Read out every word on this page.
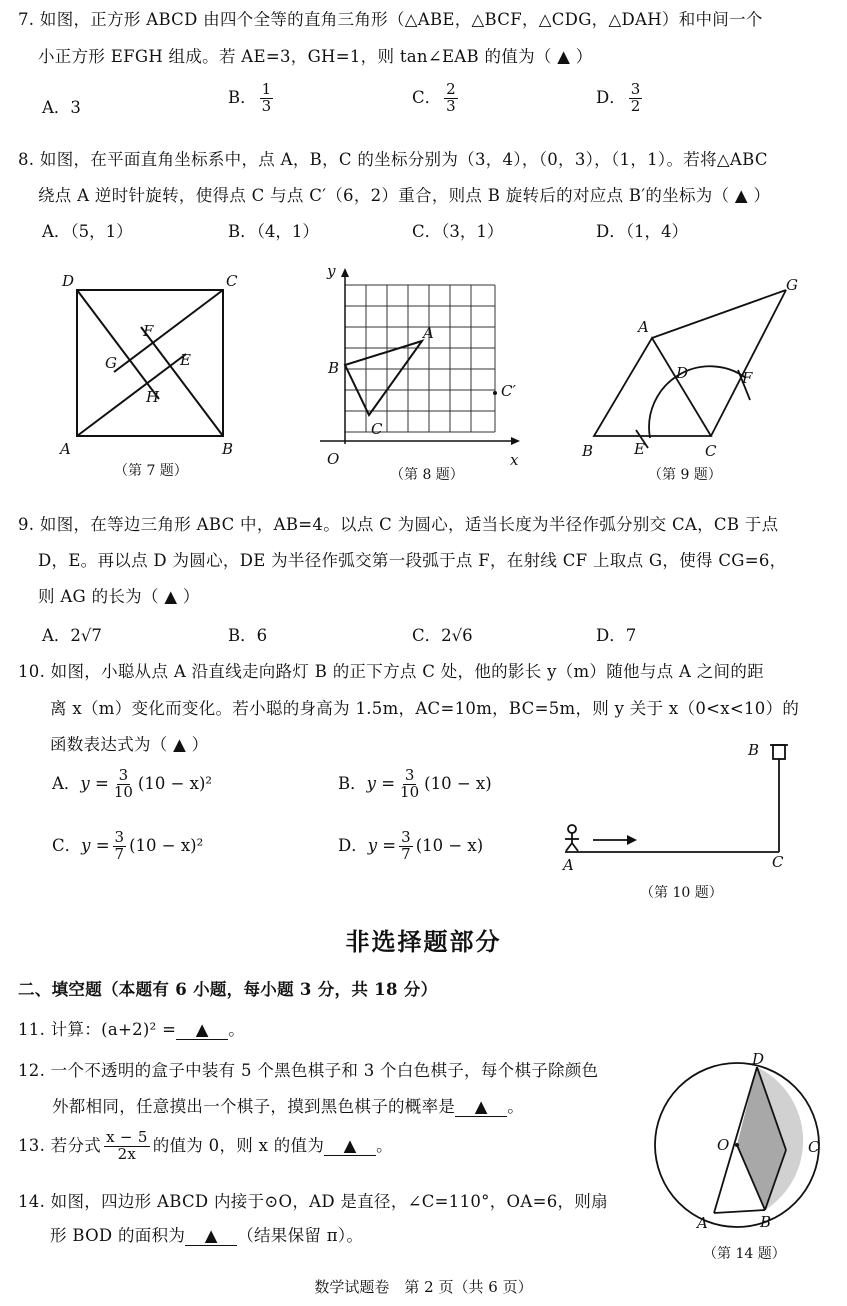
7. 如图，正方形 ABCD 由四个全等的直角三角形（△ABE，△BCF，△CDG，△DAH）和中间一个
小正方形 EFGH 组成。若 AE=3，GH=1，则 tan∠EAB 的值为（ ▲ ）
A．3
B． $\frac{1}{3}$	C． $\frac{2}{3}$	D． $\frac{3}{2}$
8. 如图，在平面直角坐标系中，点 A，B，C 的坐标分别为（3，4），（0，3），（1，1）。若将△ABC
绕点 A 逆时针旋转，使得点 C 与点 C′（6，2）重合，则点 B 旋转后的对应点 B′的坐标为（ ▲ ）
A．（5，1）	B．（4，1）	C．（3，1）	D．（1，4）
D	C
A	B
F
G	E
H
（第 7 题）
y
x
O
A
B
C
C′
（第 8 题）
A
B	C
D
E
F
G
（第 9 题）
9. 如图，在等边三角形 ABC 中，AB=4。以点 C 为圆心，适当长度为半径作弧分别交 CA，CB 于点
D，E。再以点 D 为圆心，DE 为半径作弧交第一段弧于点 F，在射线 CF 上取点 G，使得 CG=6，
则 AG 的长为（ ▲ ）
A．2√7	B．6	C．2√6	D．7
10. 如图，小聪从点 A 沿直线走向路灯 B 的正下方点 C 处，他的影长 y（m）随他与点 A 之间的距
离 x（m）变化而变化。若小聪的身高为 1.5m，AC=10m，BC=5m，则 y 关于 x（0<x<10）的
函数表达式为（ ▲ ）
A．$y = \frac{3}{10} (10 - x)^2$	B．$y = \frac{3}{10} (10 - x)$
C．$y = \frac{3}{7} (10 - x)^2$	D．$y = \frac{3}{7} (10 - x)$
B
C
A
（第 10 题）
非选择题部分
二、填空题（本题有 6 小题，每小题 3 分，共 18 分）
11. 计算：(a+2)² = ▲ 。
12. 一个不透明的盒子中装有 5 个黑色棋子和 3 个白色棋子，每个棋子除颜色
外都相同，任意摸出一个棋子，摸到黑色棋子的概率是 ▲ 。
13. 若分式 $\frac{x - 5}{2x}$ 的值为 0，则 x 的值为 ▲ 。
14. 如图，四边形 ABCD 内接于⊙O，AD 是直径，∠C=110°，OA=6，则扇
形 BOD 的面积为 ▲ （结果保留 π）。
D
C
O
A	B
（第 14 题）
数学试题卷　第 2 页（共 6 页）
